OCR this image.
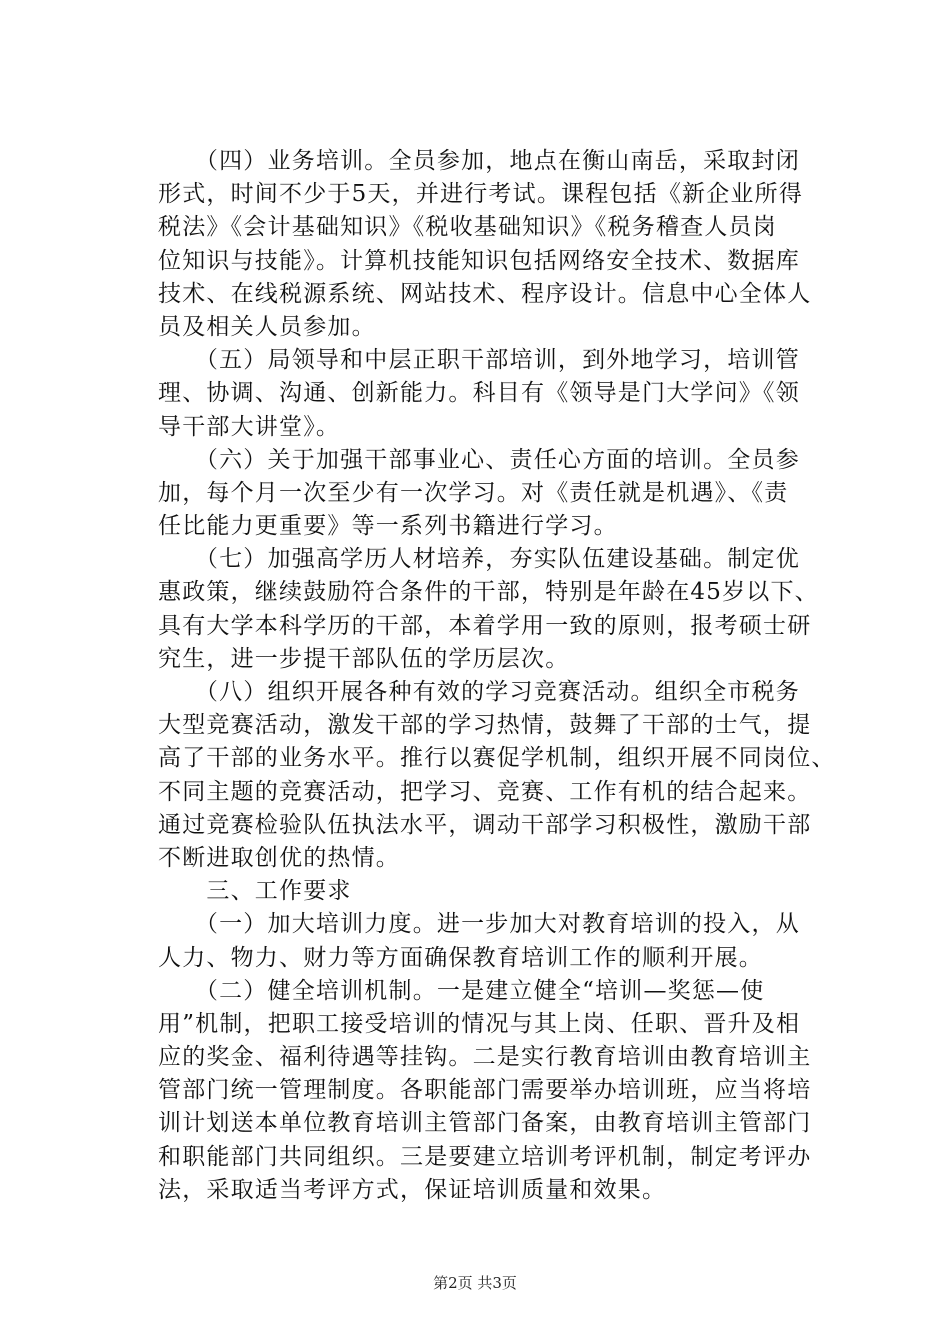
　　（四）业务培训。全员参加，地点在衡山南岳，采取封闭
形式，时间不少于5天，并进行考试。课程包括《新企业所得
税法》《会计基础知识》《税收基础知识》《税务稽查人员岗
位知识与技能》。计算机技能知识包括网络安全技术、数据库
技术、在线税源系统、网站技术、程序设计。信息中心全体人
员及相关人员参加。
　　（五）局领导和中层正职干部培训，到外地学习，培训管
理、协调、沟通、创新能力。科目有《领导是门大学问》《领
导干部大讲堂》。
　　（六）关于加强干部事业心、责任心方面的培训。全员参
加，每个月一次至少有一次学习。对《责任就是机遇》、《责
任比能力更重要》等一系列书籍进行学习。
　　（七）加强高学历人材培养，夯实队伍建设基础。制定优
惠政策，继续鼓励符合条件的干部，特别是年龄在45岁以下、
具有大学本科学历的干部，本着学用一致的原则，报考硕士研
究生，进一步提干部队伍的学历层次。
　　（八）组织开展各种有效的学习竞赛活动。组织全市税务
大型竞赛活动，激发干部的学习热情，鼓舞了干部的士气，提
高了干部的业务水平。推行以赛促学机制，组织开展不同岗位、
不同主题的竞赛活动，把学习、竞赛、工作有机的结合起来。
通过竞赛检验队伍执法水平，调动干部学习积极性，激励干部
不断进取创优的热情。
　　三、工作要求
　　（一）加大培训力度。进一步加大对教育培训的投入，从
人力、物力、财力等方面确保教育培训工作的顺利开展。
　　（二）健全培训机制。一是建立健全“培训—奖惩—使
用”机制，把职工接受培训的情况与其上岗、任职、晋升及相
应的奖金、福利待遇等挂钩。二是实行教育培训由教育培训主
管部门统一管理制度。各职能部门需要举办培训班，应当将培
训计划送本单位教育培训主管部门备案，由教育培训主管部门
和职能部门共同组织。三是要建立培训考评机制，制定考评办
法，采取适当考评方式，保证培训质量和效果。
第2页 共3页
